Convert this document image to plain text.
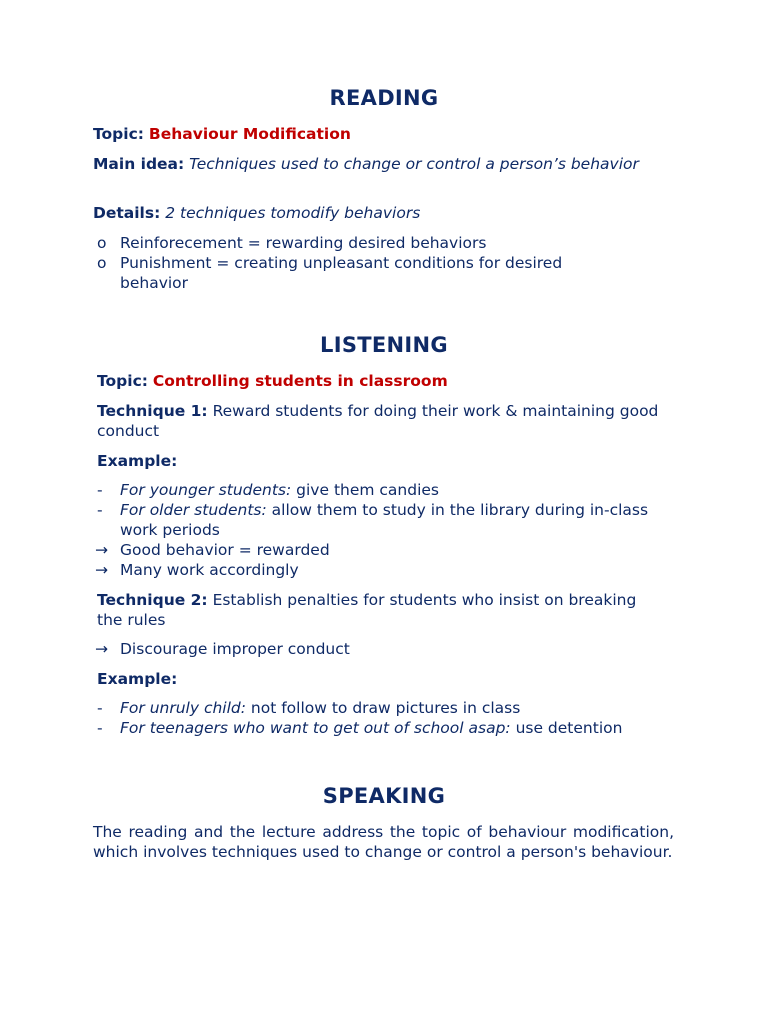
READING
Topic: Behaviour Modification
Main idea: Techniques used to change or control a person’s behavior
Details: 2 techniques tomodify behaviors
o Reinforecement = rewarding desired behaviors
o Punishment = creating unpleasant conditions for desired behavior
LISTENING
Topic: Controlling students in classroom
Technique 1: Reward students for doing their work & maintaining good conduct
Example:
- For younger students: give them candies
- For older students: allow them to study in the library during in-class work periods
→ Good behavior = rewarded
→ Many work accordingly
Technique 2: Establish penalties for students who insist on breaking the rules
→ Discourage improper conduct
Example:
- For unruly child: not follow to draw pictures in class
- For teenagers who want to get out of school asap: use detention
SPEAKING
The reading and the lecture address the topic of behaviour modification, which involves techniques used to change or control a person's behaviour.
